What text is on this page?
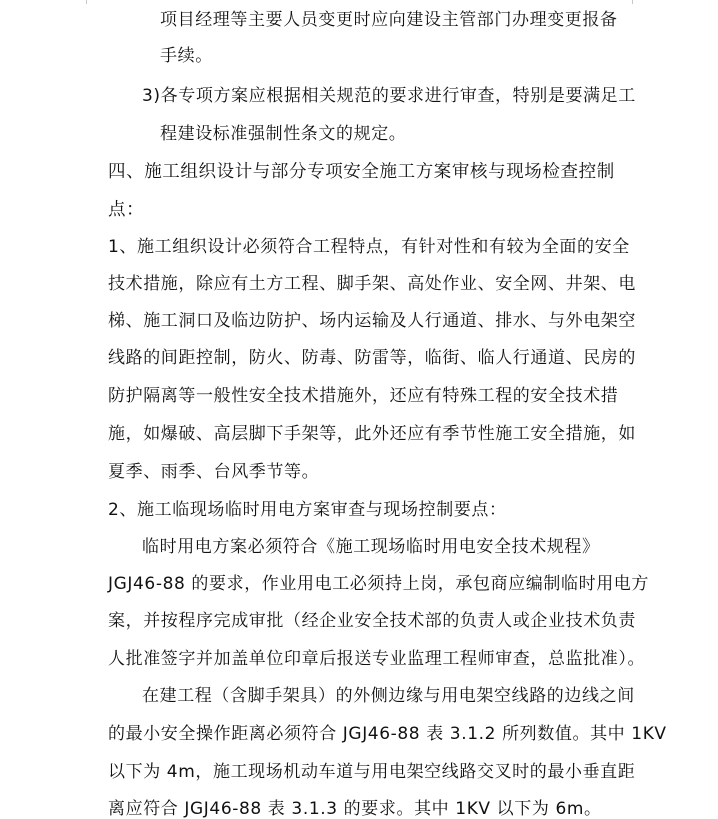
项目经理等主要人员变更时应向建设主管部门办理变更报备
手续。
3)各专项方案应根据相关规范的要求进行审查，特别是要满足工
程建设标准强制性条文的规定。
四、施工组织设计与部分专项安全施工方案审核与现场检查控制
点：
1、施工组织设计必须符合工程特点，有针对性和有较为全面的安全
技术措施，除应有土方工程、脚手架、高处作业、安全网、井架、电
梯、施工洞口及临边防护、场内运输及人行通道、排水、与外电架空
线路的间距控制，防火、防毒、防雷等，临街、临人行通道、民房的
防护隔离等一般性安全技术措施外，还应有特殊工程的安全技术措
施，如爆破、高层脚下手架等，此外还应有季节性施工安全措施，如
夏季、雨季、台风季节等。
2、施工临现场临时用电方案审查与现场控制要点：
临时用电方案必须符合《施工现场临时用电安全技术规程》
JGJ46-88 的要求，作业用电工必须持上岗，承包商应编制临时用电方
案，并按程序完成审批（经企业安全技术部的负责人或企业技术负责
人批准签字并加盖单位印章后报送专业监理工程师审查，总监批准）。
在建工程（含脚手架具）的外侧边缘与用电架空线路的边线之间
的最小安全操作距离必须符合 JGJ46-88 表 3.1.2 所列数值。其中 1KV
以下为 4m，施工现场机动车道与用电架空线路交叉时的最小垂直距
离应符合 JGJ46-88 表 3.1.3 的要求。其中 1KV 以下为 6m。
